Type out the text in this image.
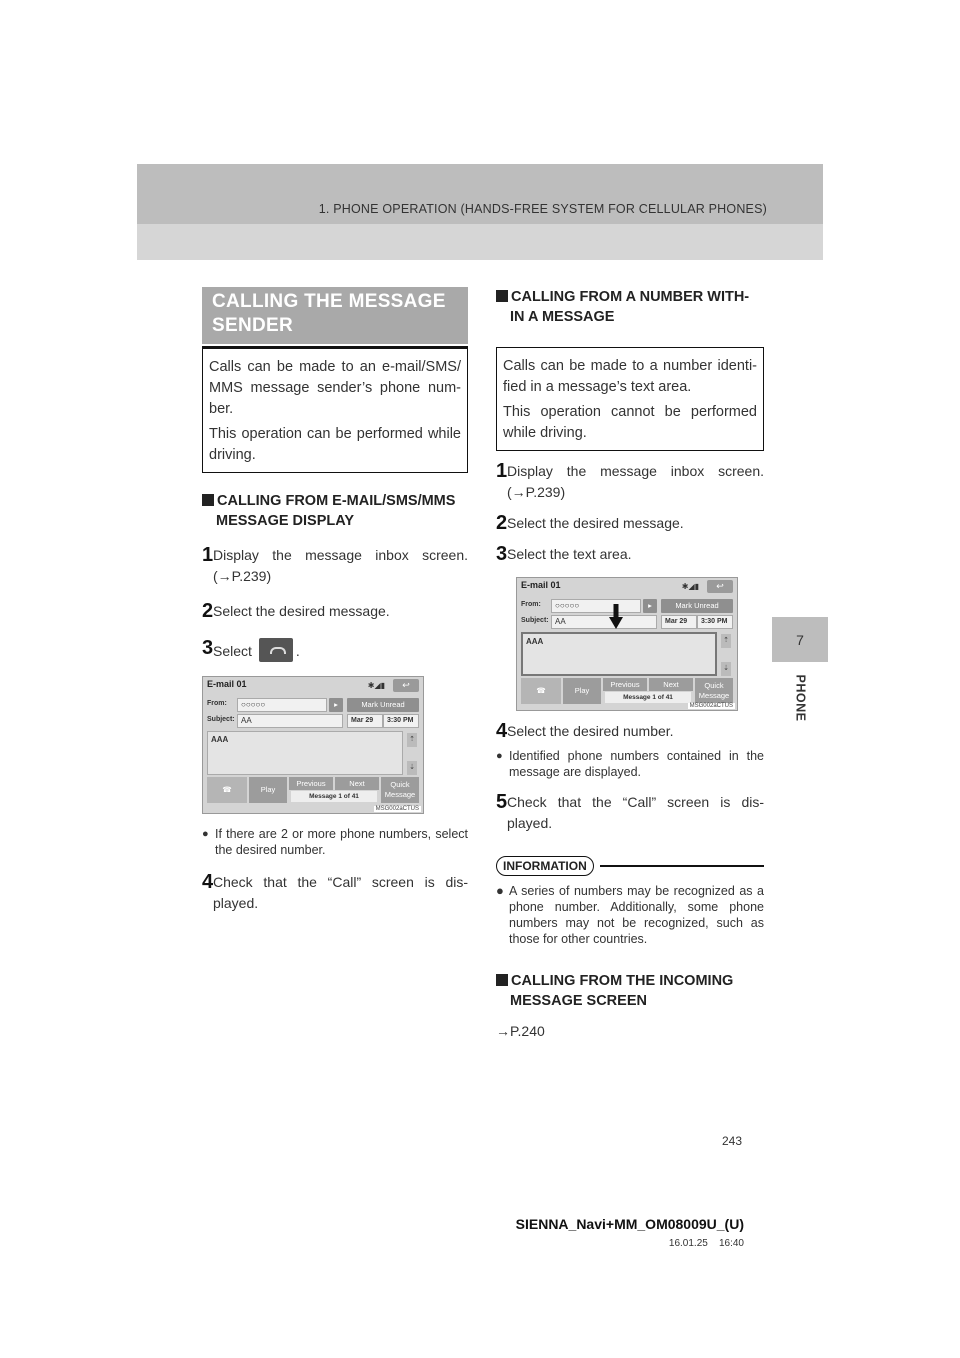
1. PHONE OPERATION (HANDS-FREE SYSTEM FOR CELLULAR PHONES)
7
PHONE
CALLING THE MESSAGE SENDER

Calls can be made to an e-mail/SMS/ MMS message sender’s phone num- ber.

This operation can be performed while driving.

CALLING FROM E-MAIL/SMS/MMS MESSAGE DISPLAY
1 Display the message inbox screen. (→P.239)
2 Select the desired message.
3 Select	.
E‑mail 01	✱◢▮	↩
From:	○○○○○	▸	Mark Unread
Subject: AA	Mar 29	3:30 PM
AAA	⇡
⇣
☎	Play
Previous	Next	Quick
Message
Message 1 of 41
MSG002aCTUS
● If there are 2 or more phone numbers, select the desired number.
4 Check that the “Call” screen is dis- played.
CALLING FROM A NUMBER WITH- IN A MESSAGE

Calls can be made to a number identi- fied in a message’s text area.

This operation cannot be performed while driving.

1 Display the message inbox screen. (→P.239)
2 Select the desired message.
3 Select the text area.
E‑mail 01	✱◢▮	↩
From:	○○○○○	▸	Mark Unread
Subject: AA	Mar 29	3:30 PM
AAA	⇡
⇣
☎	Play
Previous	Next	Quick
Message
Message 1 of 41
MSG002aCTUS
4 Select the desired number.
● Identified phone numbers contained in the message are displayed.
5 Check that the “Call” screen is dis- played.
INFORMATION
● A series of numbers may be recognized as a phone number. Additionally, some phone numbers may not be recognized, such as those for other countries.
CALLING FROM THE INCOMING MESSAGE SCREEN
→P.240
243
SIENNA_Navi+MM_OM08009U_(U)
16.01.25 16:40
